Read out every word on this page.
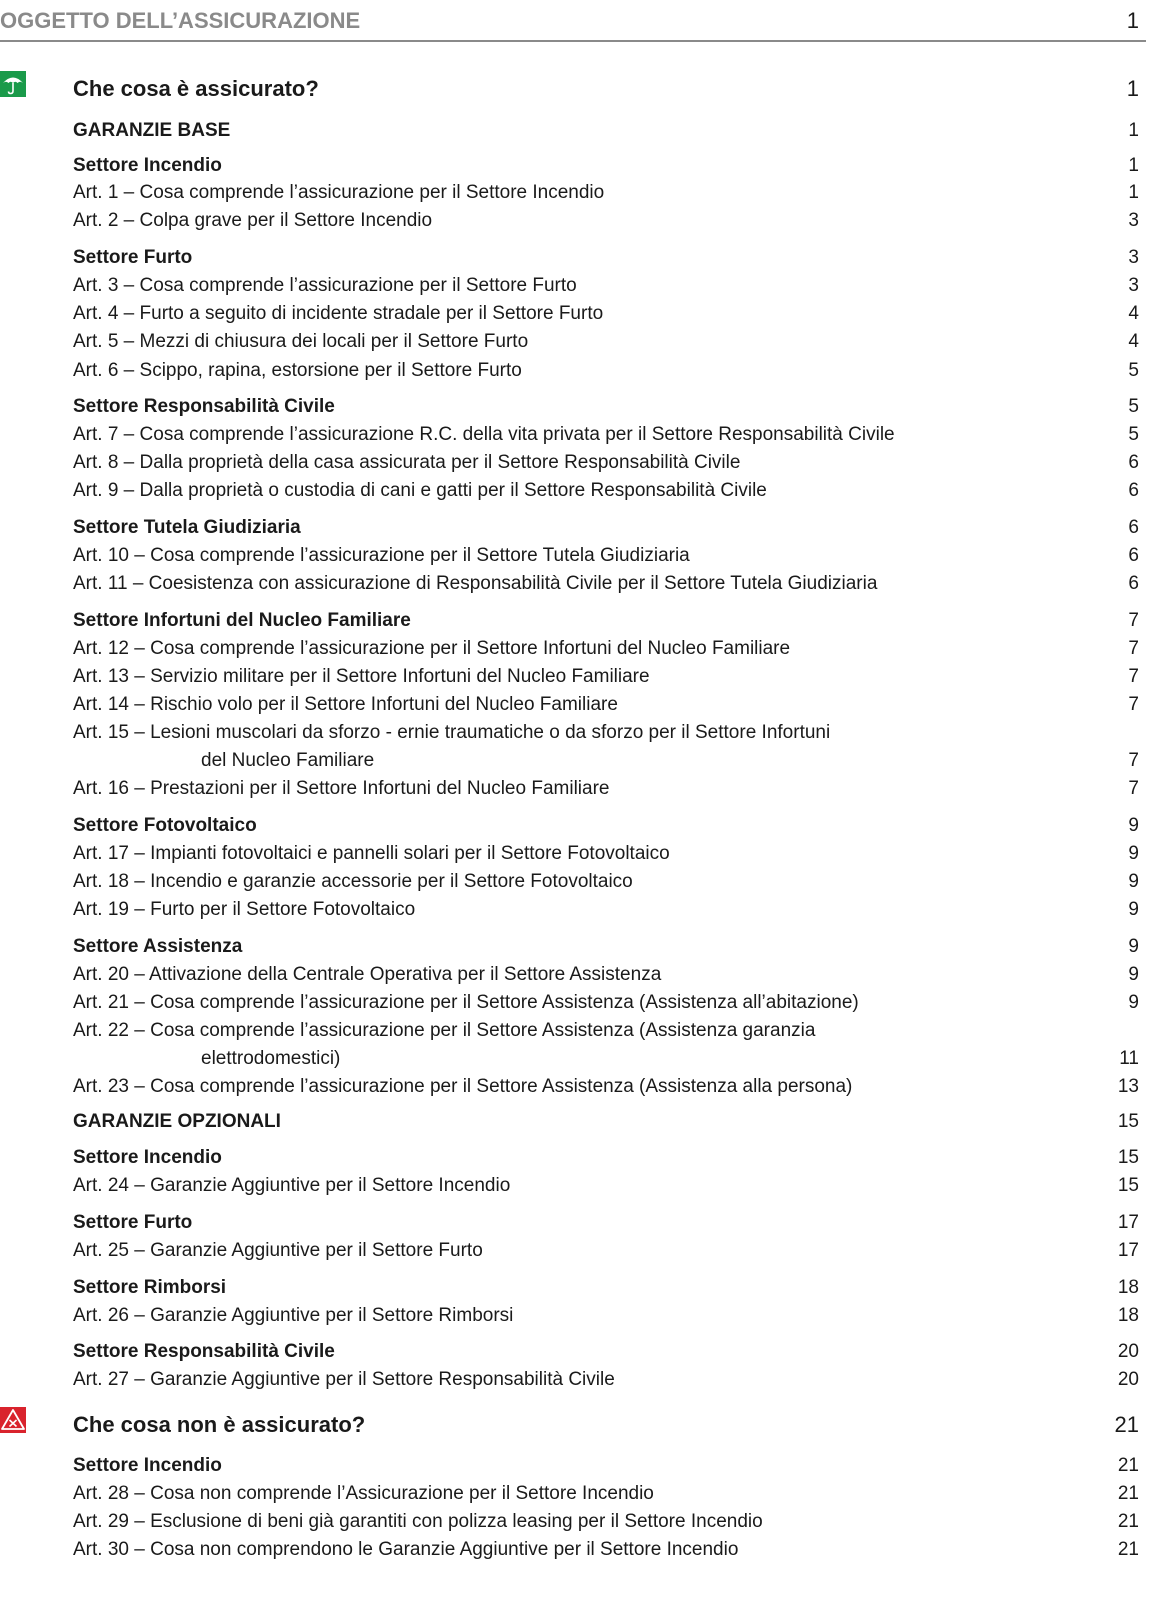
OGGETTO DELL’ASSICURAZIONE	1
Che cosa è assicurato?	1
GARANZIE BASE	1
Settore Incendio	1
Art. 1 – Cosa comprende l’assicurazione per il Settore Incendio	1
Art. 2 – Colpa grave per il Settore Incendio	3
Settore Furto	3
Art. 3 – Cosa comprende l’assicurazione per il Settore Furto	3
Art. 4 – Furto a seguito di incidente stradale per il Settore Furto	4
Art. 5 – Mezzi di chiusura dei locali per il Settore Furto	4
Art. 6 – Scippo, rapina, estorsione per il Settore Furto	5
Settore Responsabilità Civile	5
Art. 7 – Cosa comprende l’assicurazione R.C. della vita privata per il Settore Responsabilità Civile	5
Art. 8 – Dalla proprietà della casa assicurata per il Settore Responsabilità Civile	6
Art. 9 – Dalla proprietà o custodia di cani e gatti per il Settore Responsabilità Civile	6
Settore Tutela Giudiziaria	6
Art. 10 – Cosa comprende l’assicurazione per il Settore Tutela Giudiziaria	6
Art. 11 – Coesistenza con assicurazione di Responsabilità Civile per il Settore Tutela Giudiziaria	6
Settore Infortuni del Nucleo Familiare	7
Art. 12 – Cosa comprende l’assicurazione per il Settore Infortuni del Nucleo Familiare	7
Art. 13 – Servizio militare per il Settore Infortuni del Nucleo Familiare	7
Art. 14 – Rischio volo per il Settore Infortuni del Nucleo Familiare	7
Art. 15 – Lesioni muscolari da sforzo - ernie traumatiche o da sforzo per il Settore Infortuni
del Nucleo Familiare	7
Art. 16 – Prestazioni per il Settore Infortuni del Nucleo Familiare	7
Settore Fotovoltaico	9
Art. 17 – Impianti fotovoltaici e pannelli solari per il Settore Fotovoltaico	9
Art. 18 – Incendio e garanzie accessorie per il Settore Fotovoltaico	9
Art. 19 – Furto per il Settore Fotovoltaico	9
Settore Assistenza	9
Art. 20 – Attivazione della Centrale Operativa per il Settore Assistenza	9
Art. 21 – Cosa comprende l’assicurazione per il Settore Assistenza (Assistenza all’abitazione)	9
Art. 22 – Cosa comprende l’assicurazione per il Settore Assistenza (Assistenza garanzia
elettrodomestici)	11
Art. 23 – Cosa comprende l’assicurazione per il Settore Assistenza (Assistenza alla persona)	13
GARANZIE OPZIONALI	15
Settore Incendio	15
Art. 24 – Garanzie Aggiuntive per il Settore Incendio	15
Settore Furto	17
Art. 25 – Garanzie Aggiuntive per il Settore Furto	17
Settore Rimborsi	18
Art. 26 – Garanzie Aggiuntive per il Settore Rimborsi	18
Settore Responsabilità Civile	20
Art. 27 – Garanzie Aggiuntive per il Settore Responsabilità Civile	20
Che cosa non è assicurato?	21
Settore Incendio	21
Art. 28 – Cosa non comprende l’Assicurazione per il Settore Incendio	21
Art. 29 – Esclusione di beni già garantiti con polizza leasing per il Settore Incendio	21
Art. 30 – Cosa non comprendono le Garanzie Aggiuntive per il Settore Incendio	21
